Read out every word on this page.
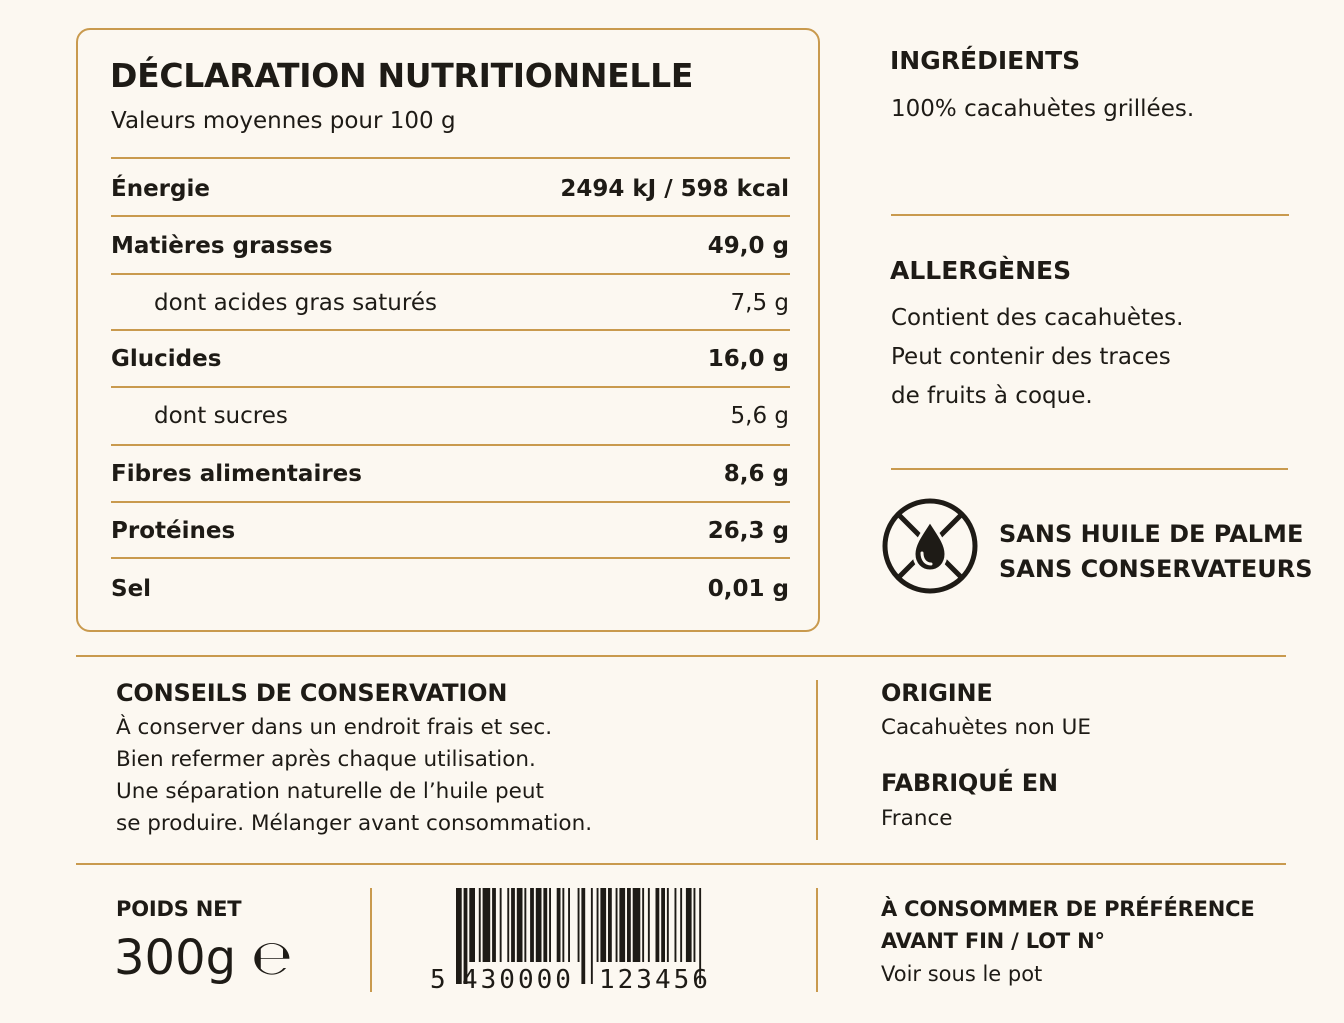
DÉCLARATION NUTRITIONNELLE
Valeurs moyennes pour 100 g
Énergie	2494 kJ / 598 kcal
Matières grasses	49,0 g
dont acides gras saturés	7,5 g
Glucides	16,0 g
dont sucres	5,6 g
Fibres alimentaires	8,6 g
Protéines	26,3 g
Sel	0,01 g
INGRÉDIENTS
100% cacahuètes grillées.
ALLERGÈNES
Contient des cacahuètes.
Peut contenir des traces
de fruits à coque.
SANS HUILE DE PALME
SANS CONSERVATEURS
CONSEILS DE CONSERVATION
À conserver dans un endroit frais et sec.
Bien refermer après chaque utilisation.
Une séparation naturelle de l’huile peut
se produire. Mélanger avant consommation.
ORIGINE
Cacahuètes non UE
FABRIQUÉ EN
France
POIDS NET
300g ℮	5 430000 123456
À CONSOMMER DE PRÉFÉRENCE
AVANT FIN / LOT N°
Voir sous le pot
